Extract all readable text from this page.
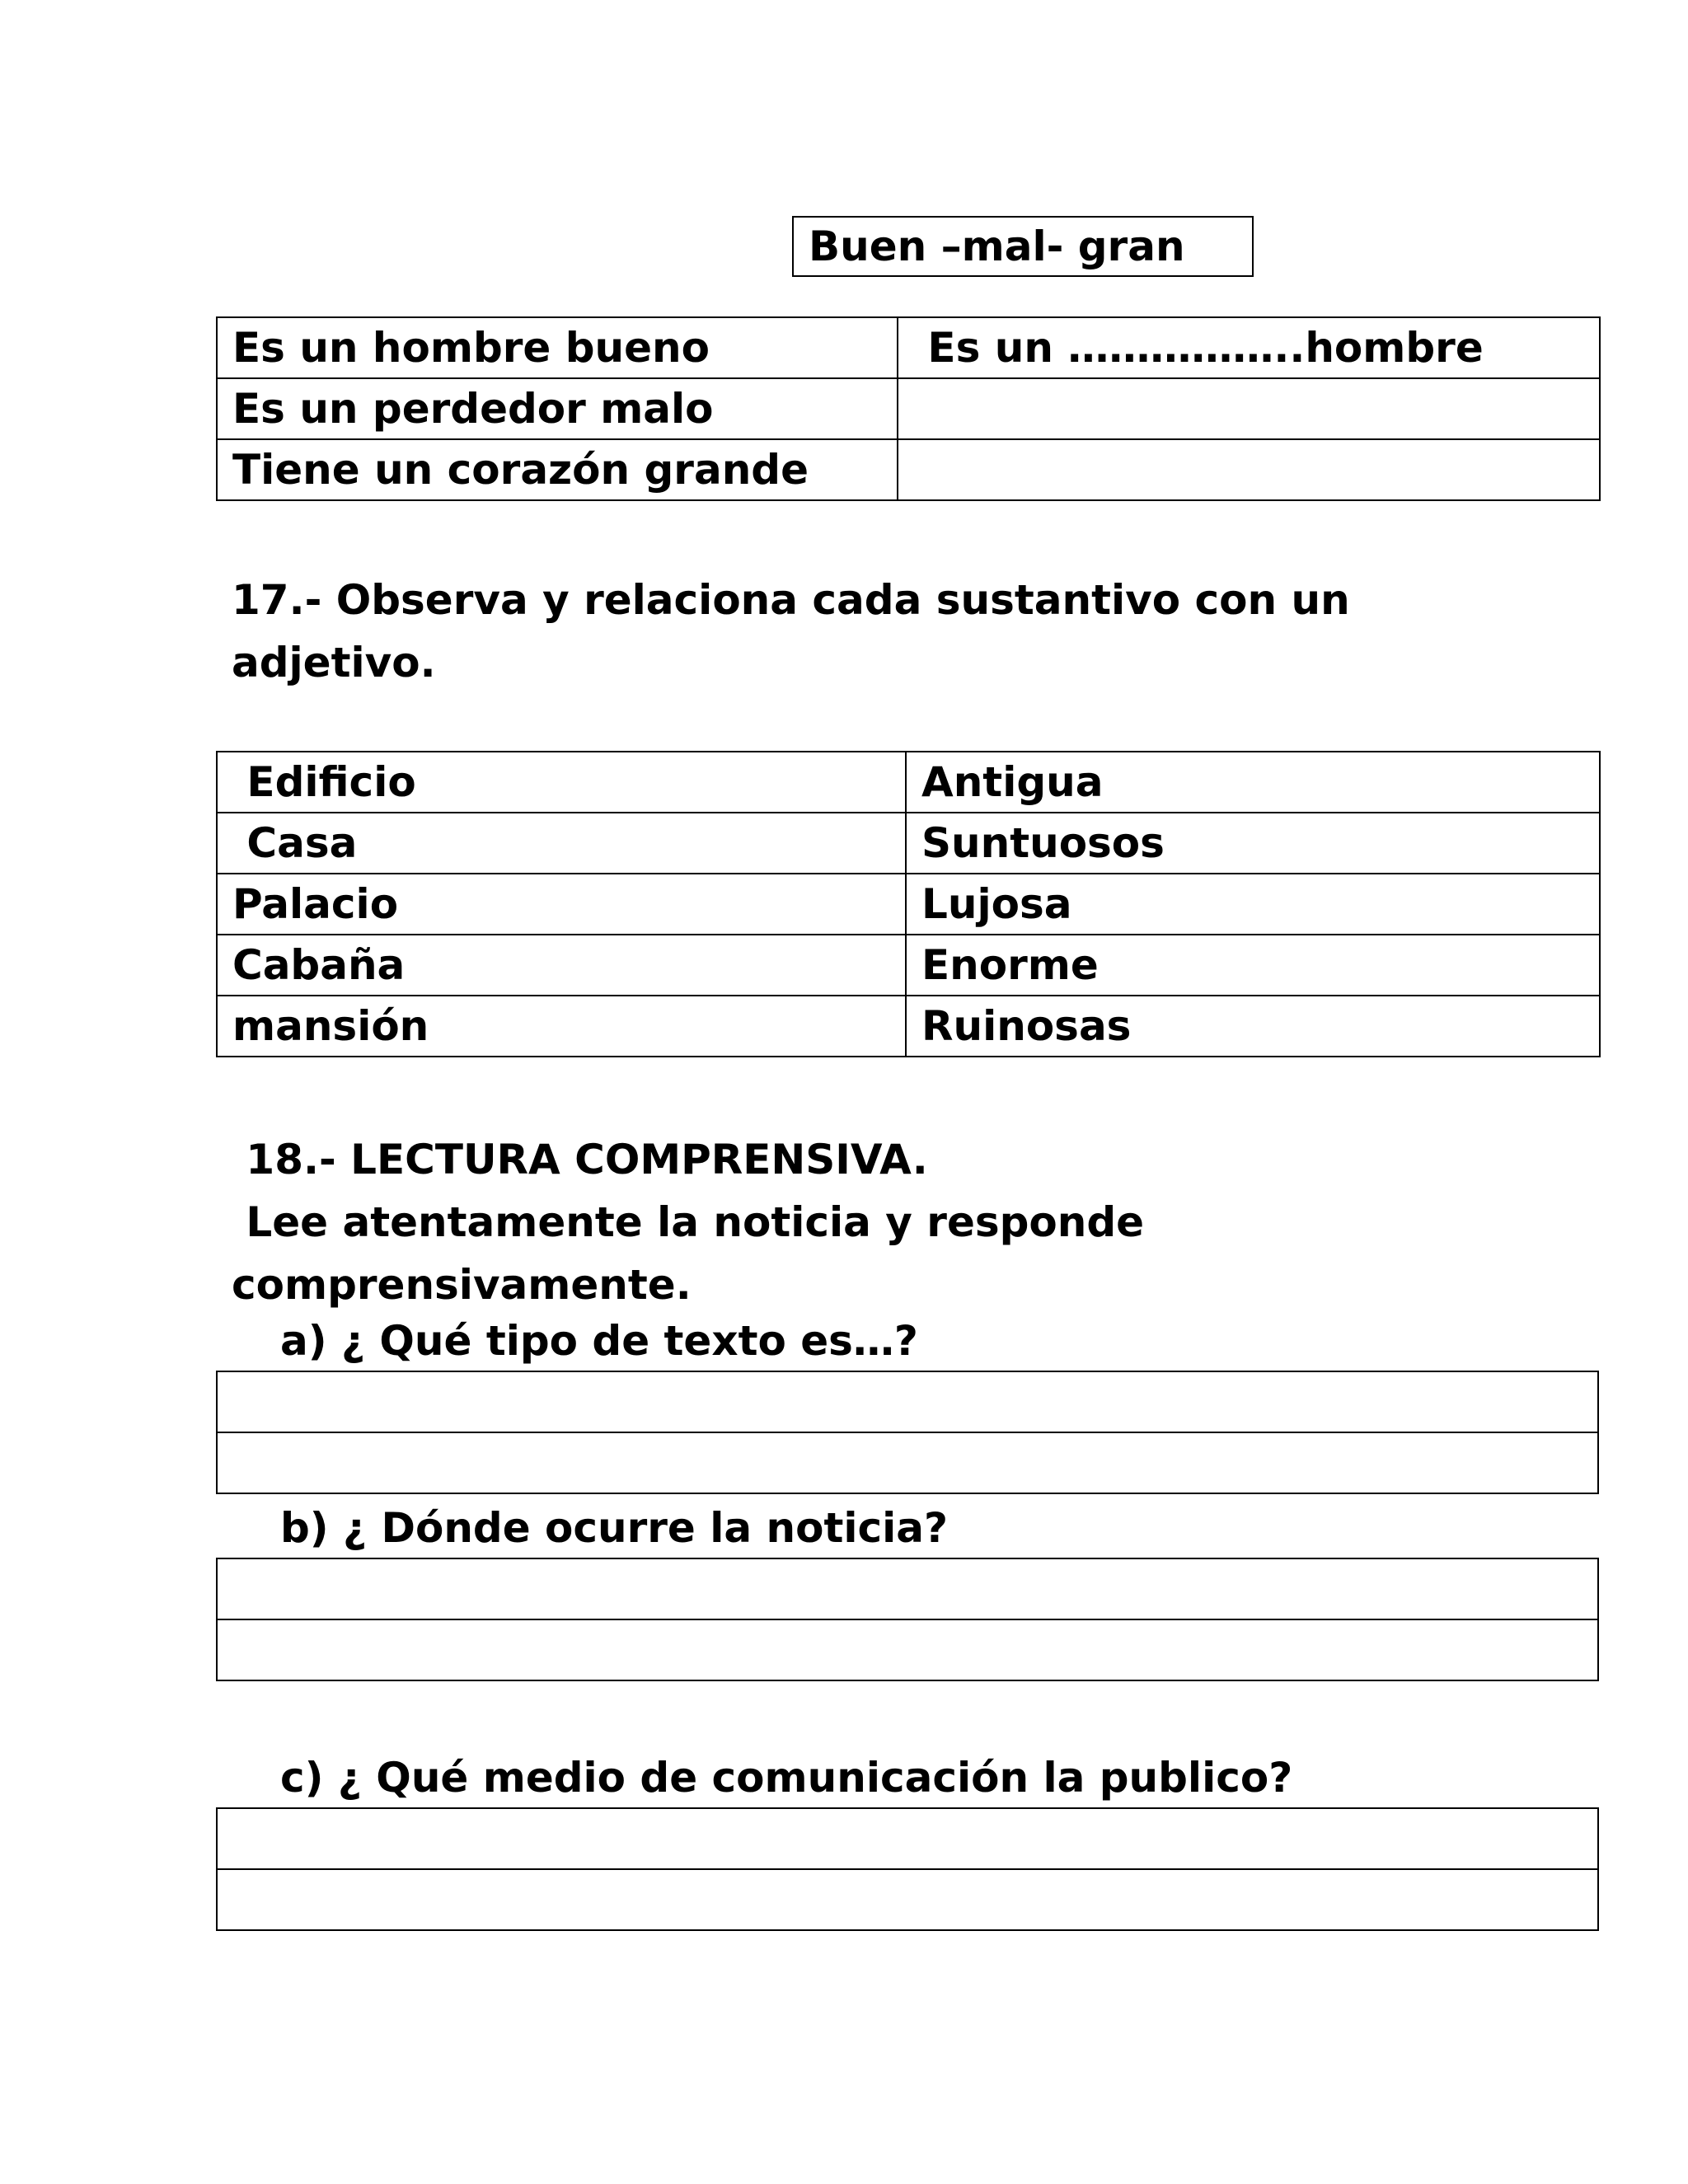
Buen –mal- gran
Es un hombre bueno	Es un ……………..hombre
Es un perdedor malo	
Tiene un corazón grande	
17.- Observa y relaciona cada sustantivo con un
adjetivo.
Edificio	Antigua
Casa	Suntuosos
Palacio	Lujosa
Cabaña	Enorme
mansión	Ruinosas
18.- LECTURA COMPRENSIVA.
Lee atentamente la noticia y responde
comprensivamente.
a) ¿ Qué tipo de texto es…?

b) ¿ Dónde ocurre la noticia?

c) ¿ Qué medio de comunicación la publico?
